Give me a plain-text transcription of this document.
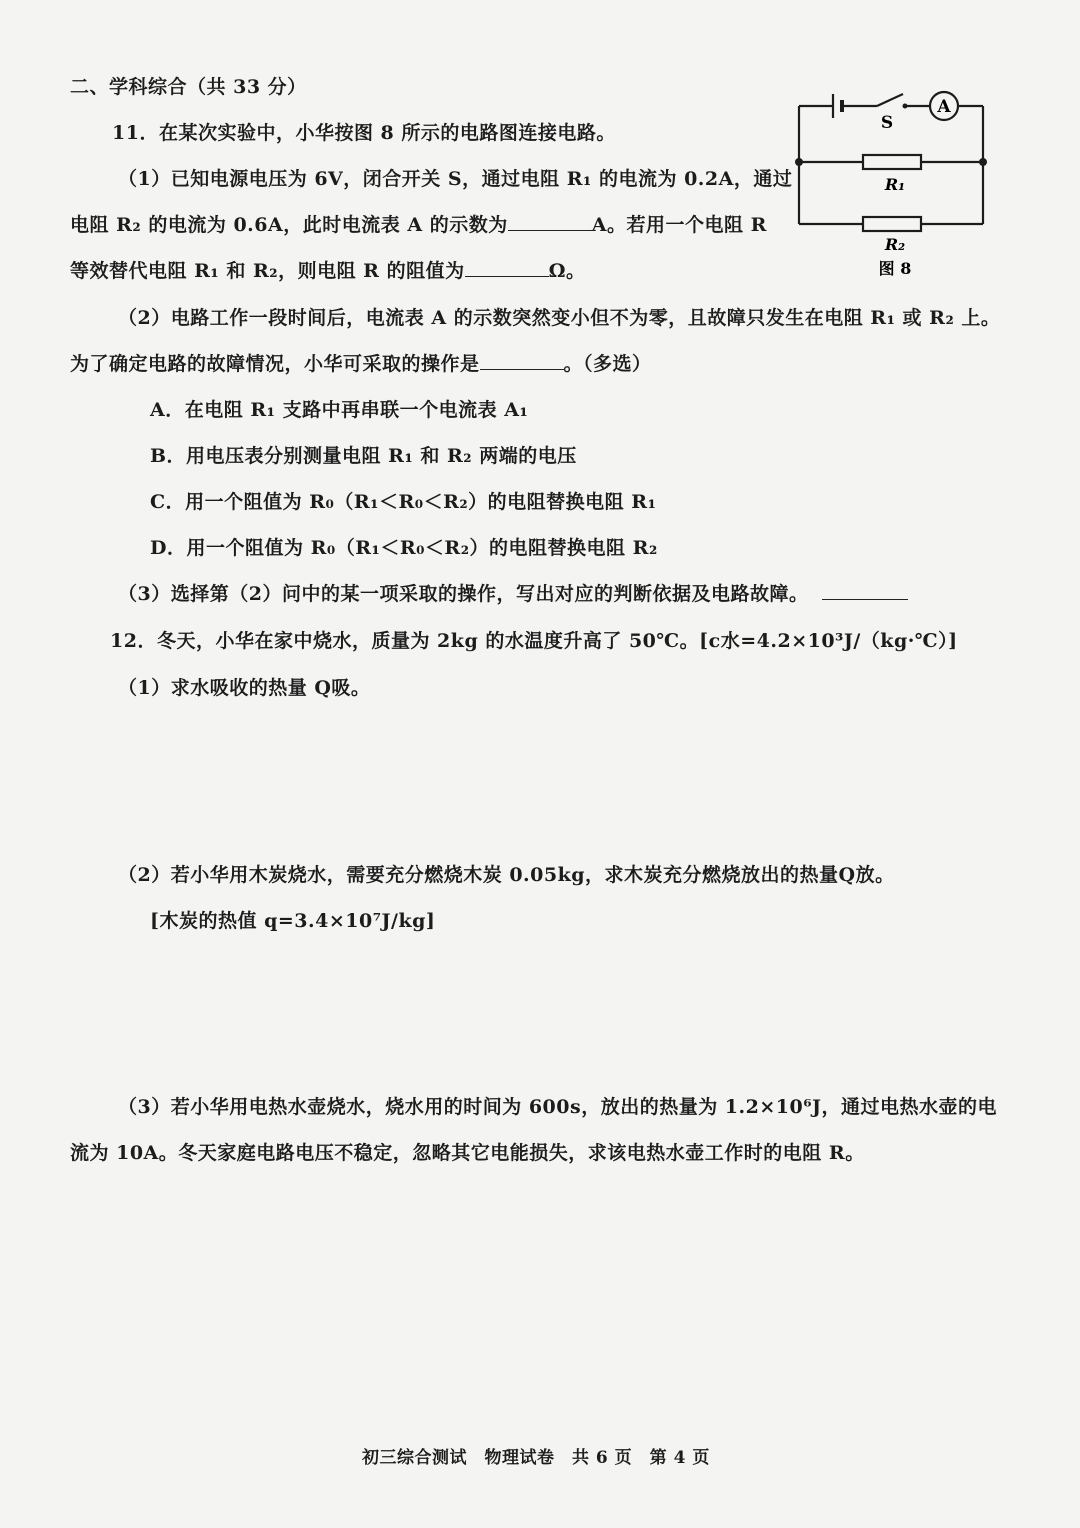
二、学科综合（共 33 分）
11．在某次实验中，小华按图 8 所示的电路图连接电路。
（1）已知电源电压为 6V，闭合开关 S，通过电阻 R₁ 的电流为 0.2A，通过
电阻 R₂ 的电流为 0.6A，此时电流表 A 的示数为	A。若用一个电阻 R
等效替代电阻 R₁ 和 R₂，则电阻 R 的阻值为	Ω。
（2）电路工作一段时间后，电流表 A 的示数突然变小但不为零，且故障只发生在电阻 R₁ 或 R₂ 上。
为了确定电路的故障情况，小华可采取的操作是	。（多选）
A．在电阻 R₁ 支路中再串联一个电流表 A₁
B．用电压表分别测量电阻 R₁ 和 R₂ 两端的电压
C．用一个阻值为 R₀（R₁＜R₀＜R₂）的电阻替换电阻 R₁
D．用一个阻值为 R₀（R₁＜R₀＜R₂）的电阻替换电阻 R₂
（3）选择第（2）问中的某一项采取的操作，写出对应的判断依据及电路故障。
12．冬天，小华在家中烧水，质量为 2kg 的水温度升高了 50℃。[c水=4.2×10³J/（kg·℃）]
（1）求水吸收的热量 Q吸。
（2）若小华用木炭烧水，需要充分燃烧木炭 0.05kg，求木炭充分燃烧放出的热量Q放。
[木炭的热值 q=3.4×10⁷J/kg]
（3）若小华用电热水壶烧水，烧水用的时间为 600s，放出的热量为 1.2×10⁶J，通过电热水壶的电
流为 10A。冬天家庭电路电压不稳定，忽略其它电能损失，求该电热水壶工作时的电阻 R。
初三综合测试　物理试卷　共 6 页　第 4 页
S
A
R₁
R₂
图 8
